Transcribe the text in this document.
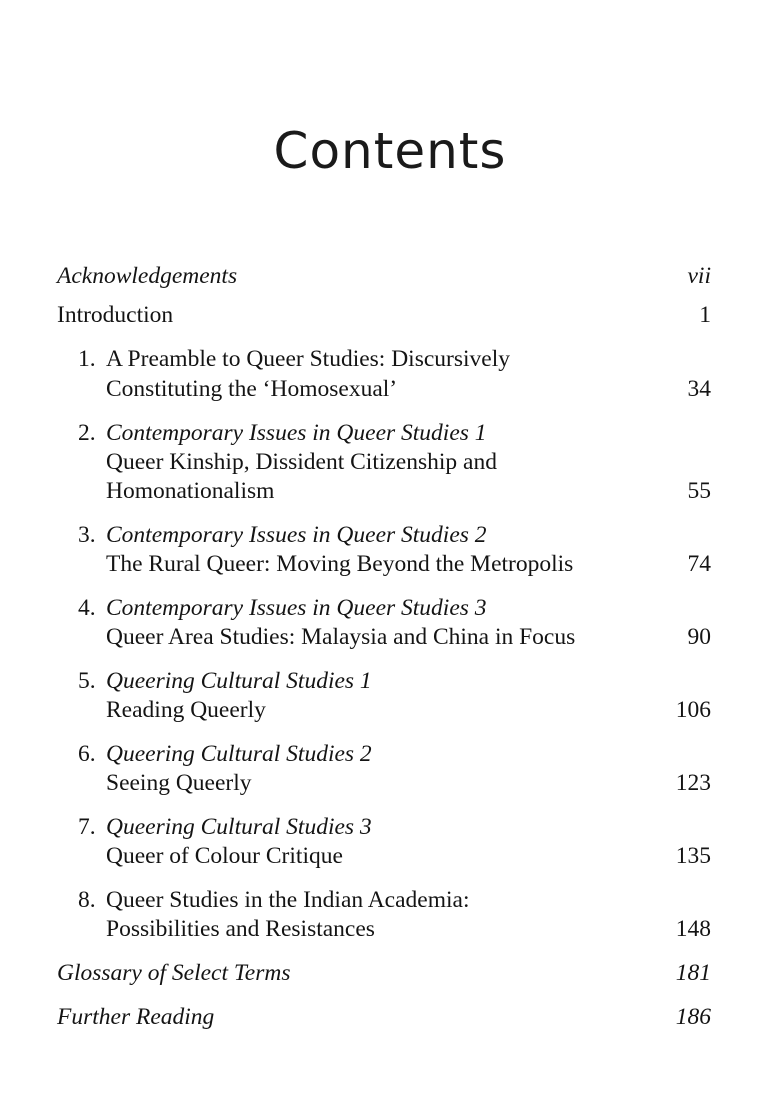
Contents
Acknowledgements	vii
Introduction	1
1. A Preamble to Queer Studies: Discursively
Constituting the ‘Homosexual’	34
2. Contemporary Issues in Queer Studies 1
Queer Kinship, Dissident Citizenship and
Homonationalism	55
3. Contemporary Issues in Queer Studies 2
The Rural Queer: Moving Beyond the Metropolis	74
4. Contemporary Issues in Queer Studies 3
Queer Area Studies: Malaysia and China in Focus	90
5. Queering Cultural Studies 1
Reading Queerly	106
6. Queering Cultural Studies 2
Seeing Queerly	123
7. Queering Cultural Studies 3
Queer of Colour Critique	135
8. Queer Studies in the Indian Academia:
Possibilities and Resistances	148
Glossary of Select Terms	181
Further Reading	186
